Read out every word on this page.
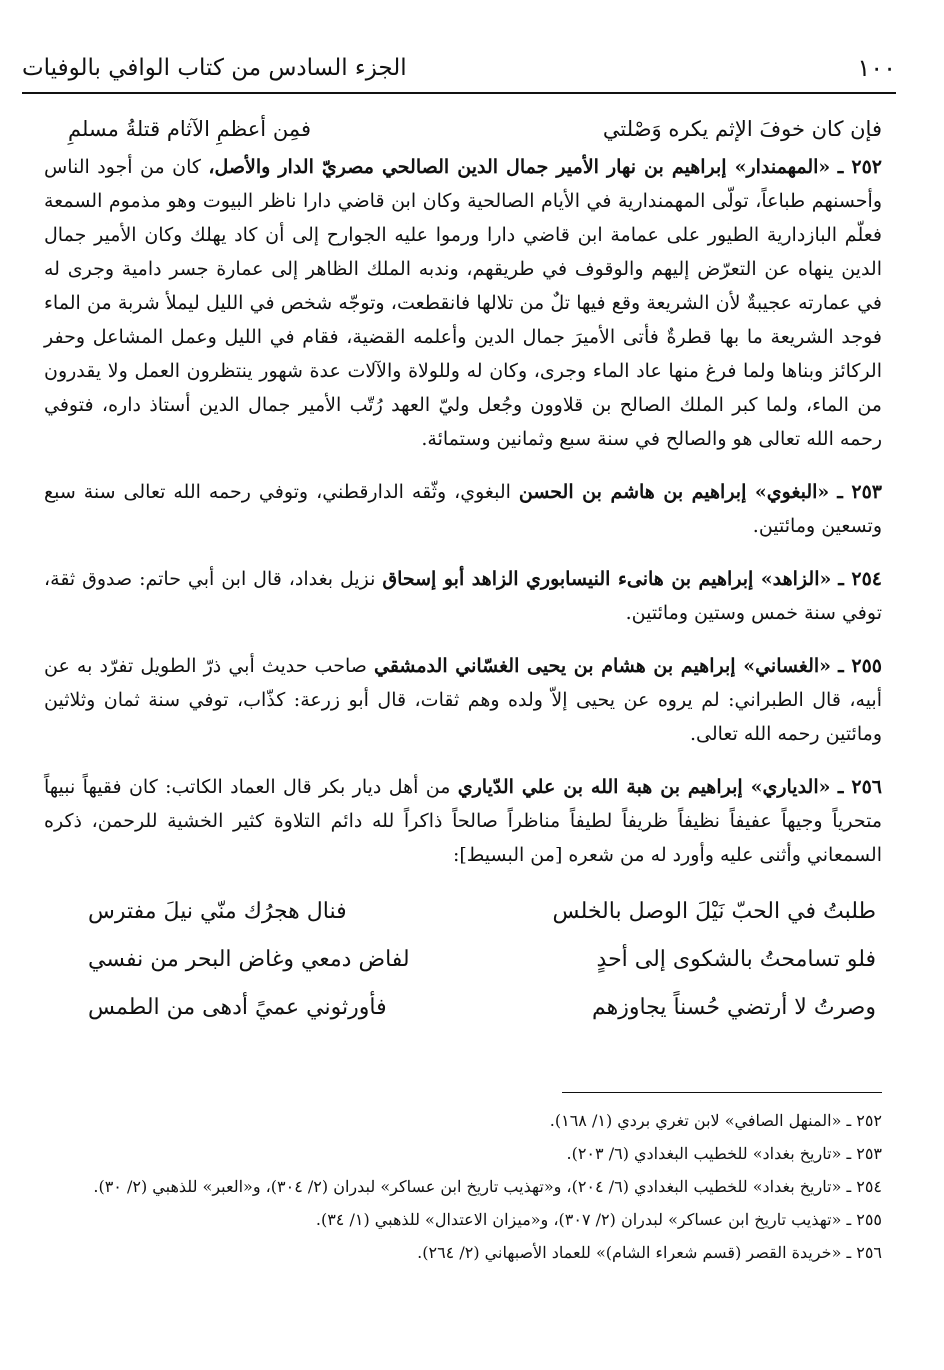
١٠٠
الجزء السادس من كتاب الوافي بالوفيات
فإن كان خوفَ الإثم يكره وَصْلتي
فمِن أعظمِ الآثام قتلةُ مسلمِ

٢٥٢ ـ «المهمندار» إبراهيم بن نهار الأمير جمال الدين الصالحي مصريّ الدار والأصل، كان من أجود الناس وأحسنهم طباعاً، تولّى المهمندارية في الأيام الصالحية وكان ابن قاضي دارا ناظر البيوت وهو مذموم السمعة فعلّم البازدارية الطيور على عمامة ابن قاضي دارا ورموا عليه الجوارح إلى أن كاد يهلك وكان الأمير جمال الدين ينهاه عن التعرّض إليهم والوقوف في طريقهم، وندبه الملك الظاهر إلى عمارة جسر دامية وجرى له في عمارته عجيبةٌ لأن الشريعة وقع فيها تلٌ من تلالها فانقطعت، وتوجّه شخص في الليل ليملأ شربة من الماء فوجد الشريعة ما بها قطرةٌ فأتى الأميرَ جمال الدين وأعلمه القضية، فقام في الليل وعمل المشاعل وحفر الركائز وبناها ولما فرغ منها عاد الماء وجرى، وكان له وللولاة والآلات عدة شهور ينتظرون العمل ولا يقدرون من الماء، ولما كبر الملك الصالح بن قلاوون وجُعل وليّ العهد رُتّب الأمير جمال الدين أستاذ داره، فتوفي رحمه الله تعالى هو والصالح في سنة سبع وثمانين وستمائة.

٢٥٣ ـ «البغوي» إبراهيم بن هاشم بن الحسن البغوي، وثّقه الدارقطني، وتوفي رحمه الله تعالى سنة سبع وتسعين ومائتين.

٢٥٤ ـ «الزاهد» إبراهيم بن هانىء النيسابوري الزاهد أبو إسحاق نزيل بغداد، قال ابن أبي حاتم: صدوق ثقة، توفي سنة خمس وستين ومائتين.

٢٥٥ ـ «الغساني» إبراهيم بن هشام بن يحيى الغسّاني الدمشقي صاحب حديث أبي ذرّ الطويل تفرّد به عن أبيه، قال الطبراني: لم يروه عن يحيى إلاّ ولده وهم ثقات، قال أبو زرعة: كذّاب، توفي سنة ثمان وثلاثين ومائتين رحمه الله تعالى.

٢٥٦ ـ «الدياري» إبراهيم بن هبة الله بن علي الدّياري من أهل ديار بكر قال العماد الكاتب: كان فقيهاً نبيهاً متحرياً وجيهاً عفيفاً نظيفاً ظريفاً لطيفاً مناظراً صالحاً ذاكراً لله دائم التلاوة كثير الخشية للرحمن، ذكره السمعاني وأثنى عليه وأورد له من شعره [من البسيط]:

طلبتُ في الحبّ نَيْلَ الوصل بالخلس
فنال هجرُك منّي نيلَ مفترس
فلو تسامحتُ بالشكوى إلى أحدٍ
لفاض دمعي وغاض البحر من نفسي
وصرتُ لا أرتضي حُسناً يجاوزهم
فأورثوني عميً أدهى من الطمس

٢٥٢ ـ «المنهل الصافي» لابن تغري بردي (١/ ١٦٨).

٢٥٣ ـ «تاريخ بغداد» للخطيب البغدادي (٦/ ٢٠٣).

٢٥٤ ـ «تاريخ بغداد» للخطيب البغدادي (٦/ ٢٠٤)، و«تهذيب تاريخ ابن عساكر» لبدران (٢/ ٣٠٤)، و«العبر» للذهبي (٢/ ٣٠).

٢٥٥ ـ «تهذيب تاريخ ابن عساكر» لبدران (٢/ ٣٠٧)، و«ميزان الاعتدال» للذهبي (١/ ٣٤).

٢٥٦ ـ «خريدة القصر (قسم شعراء الشام)» للعماد الأصبهاني (٢/ ٢٦٤).
